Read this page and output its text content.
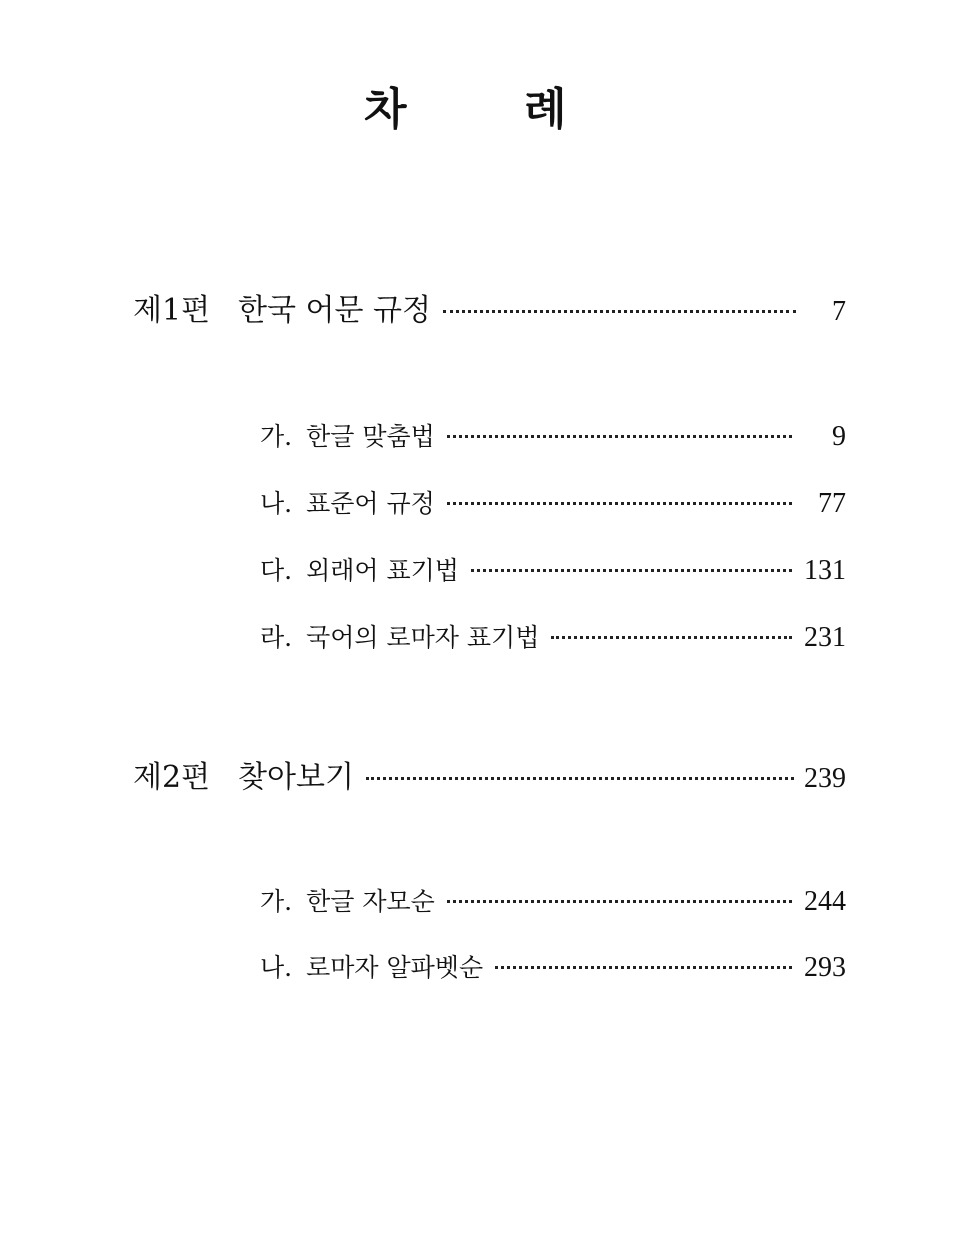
차	례
제1편 한국 어문 규정	7
가. 한글 맞춤법	9
나. 표준어 규정	77
다. 외래어 표기법	131
라. 국어의 로마자 표기법	231
제2편 찾아보기	239
가. 한글 자모순	244
나. 로마자 알파벳순	293
